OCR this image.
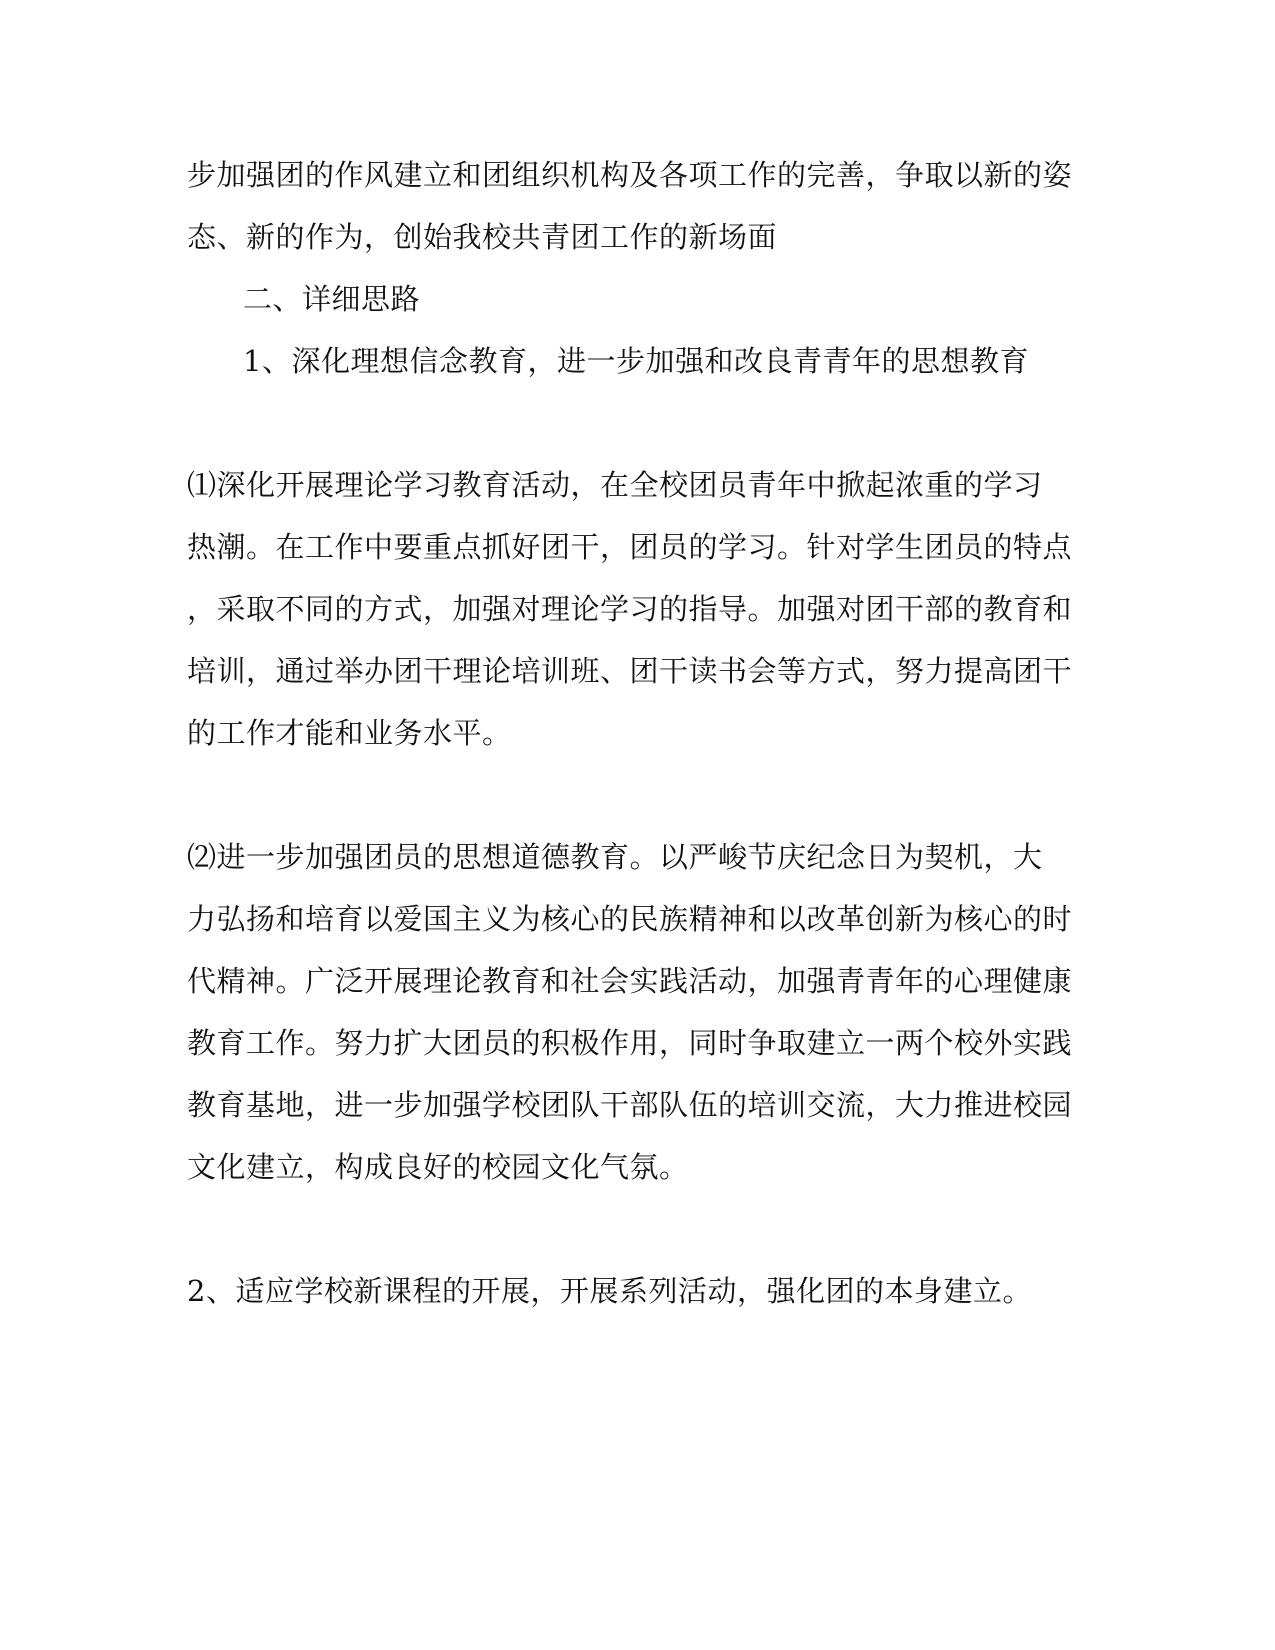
步加强团的作风建立和团组织机构及各项工作的完善，争取以新的姿
态、新的作为，创始我校共青团工作的新场面
二、详细思路
1、深化理想信念教育，进一步加强和改良青青年的思想教育
⑴深化开展理论学习教育活动，在全校团员青年中掀起浓重的学习
热潮。在工作中要重点抓好团干，团员的学习。针对学生团员的特点
，采取不同的方式，加强对理论学习的指导。加强对团干部的教育和
培训，通过举办团干理论培训班、团干读书会等方式，努力提高团干
的工作才能和业务水平。
⑵进一步加强团员的思想道德教育。以严峻节庆纪念日为契机，大
力弘扬和培育以爱国主义为核心的民族精神和以改革创新为核心的时
代精神。广泛开展理论教育和社会实践活动，加强青青年的心理健康
教育工作。努力扩大团员的积极作用，同时争取建立一两个校外实践
教育基地，进一步加强学校团队干部队伍的培训交流，大力推进校园
文化建立，构成良好的校园文化气氛。
2、适应学校新课程的开展，开展系列活动，强化团的本身建立。
